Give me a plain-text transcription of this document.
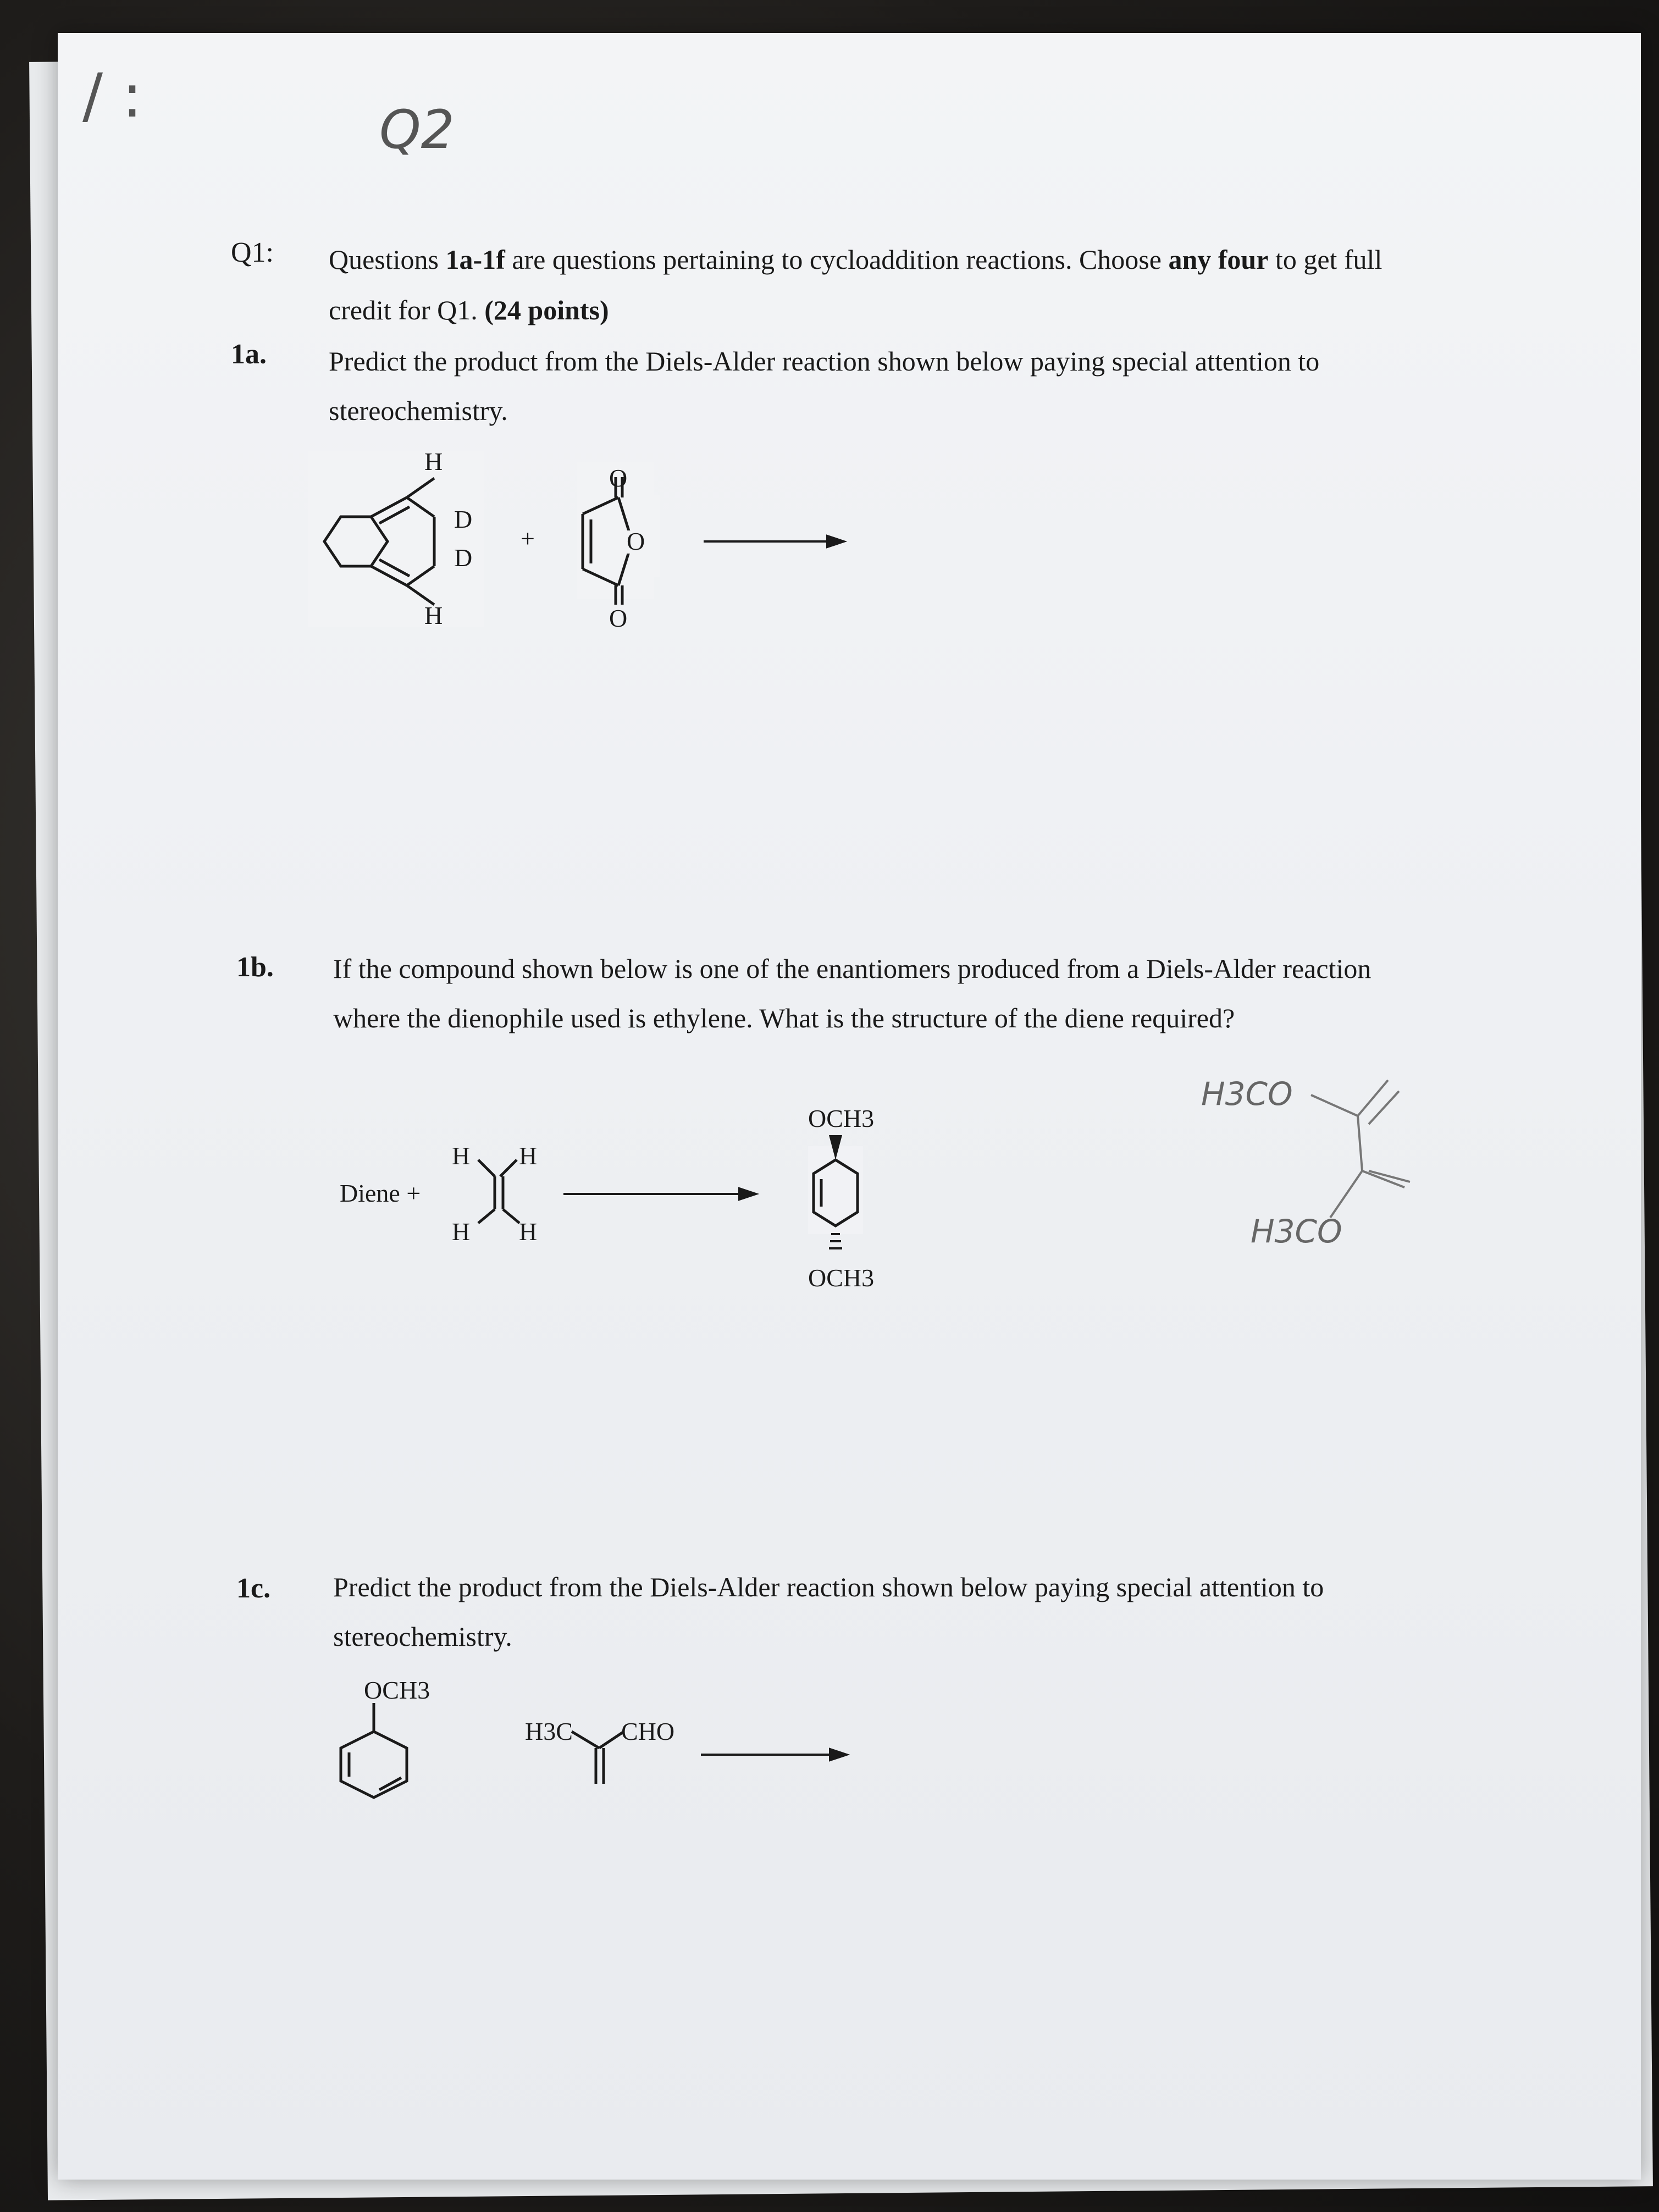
/ :	Q2
Q1: Questions 1a-1f are questions pertaining to cycloaddition reactions. Choose any four to get full
credit for Q1. (24 points)
1a. Predict the product from the Diels-Alder reaction shown below paying special attention to
stereochemistry.
H
D
D
H
+
O
O
O
1b. If the compound shown below is one of the enantiomers produced from a Diels-Alder reaction
where the dienophile used is ethylene. What is the structure of the diene required?
Diene +
H H
H H
OCH3
OCH3
H3CO
H3CO
1c. Predict the product from the Diels-Alder reaction shown below paying special attention to
stereochemistry.
OCH3
H3C CHO
